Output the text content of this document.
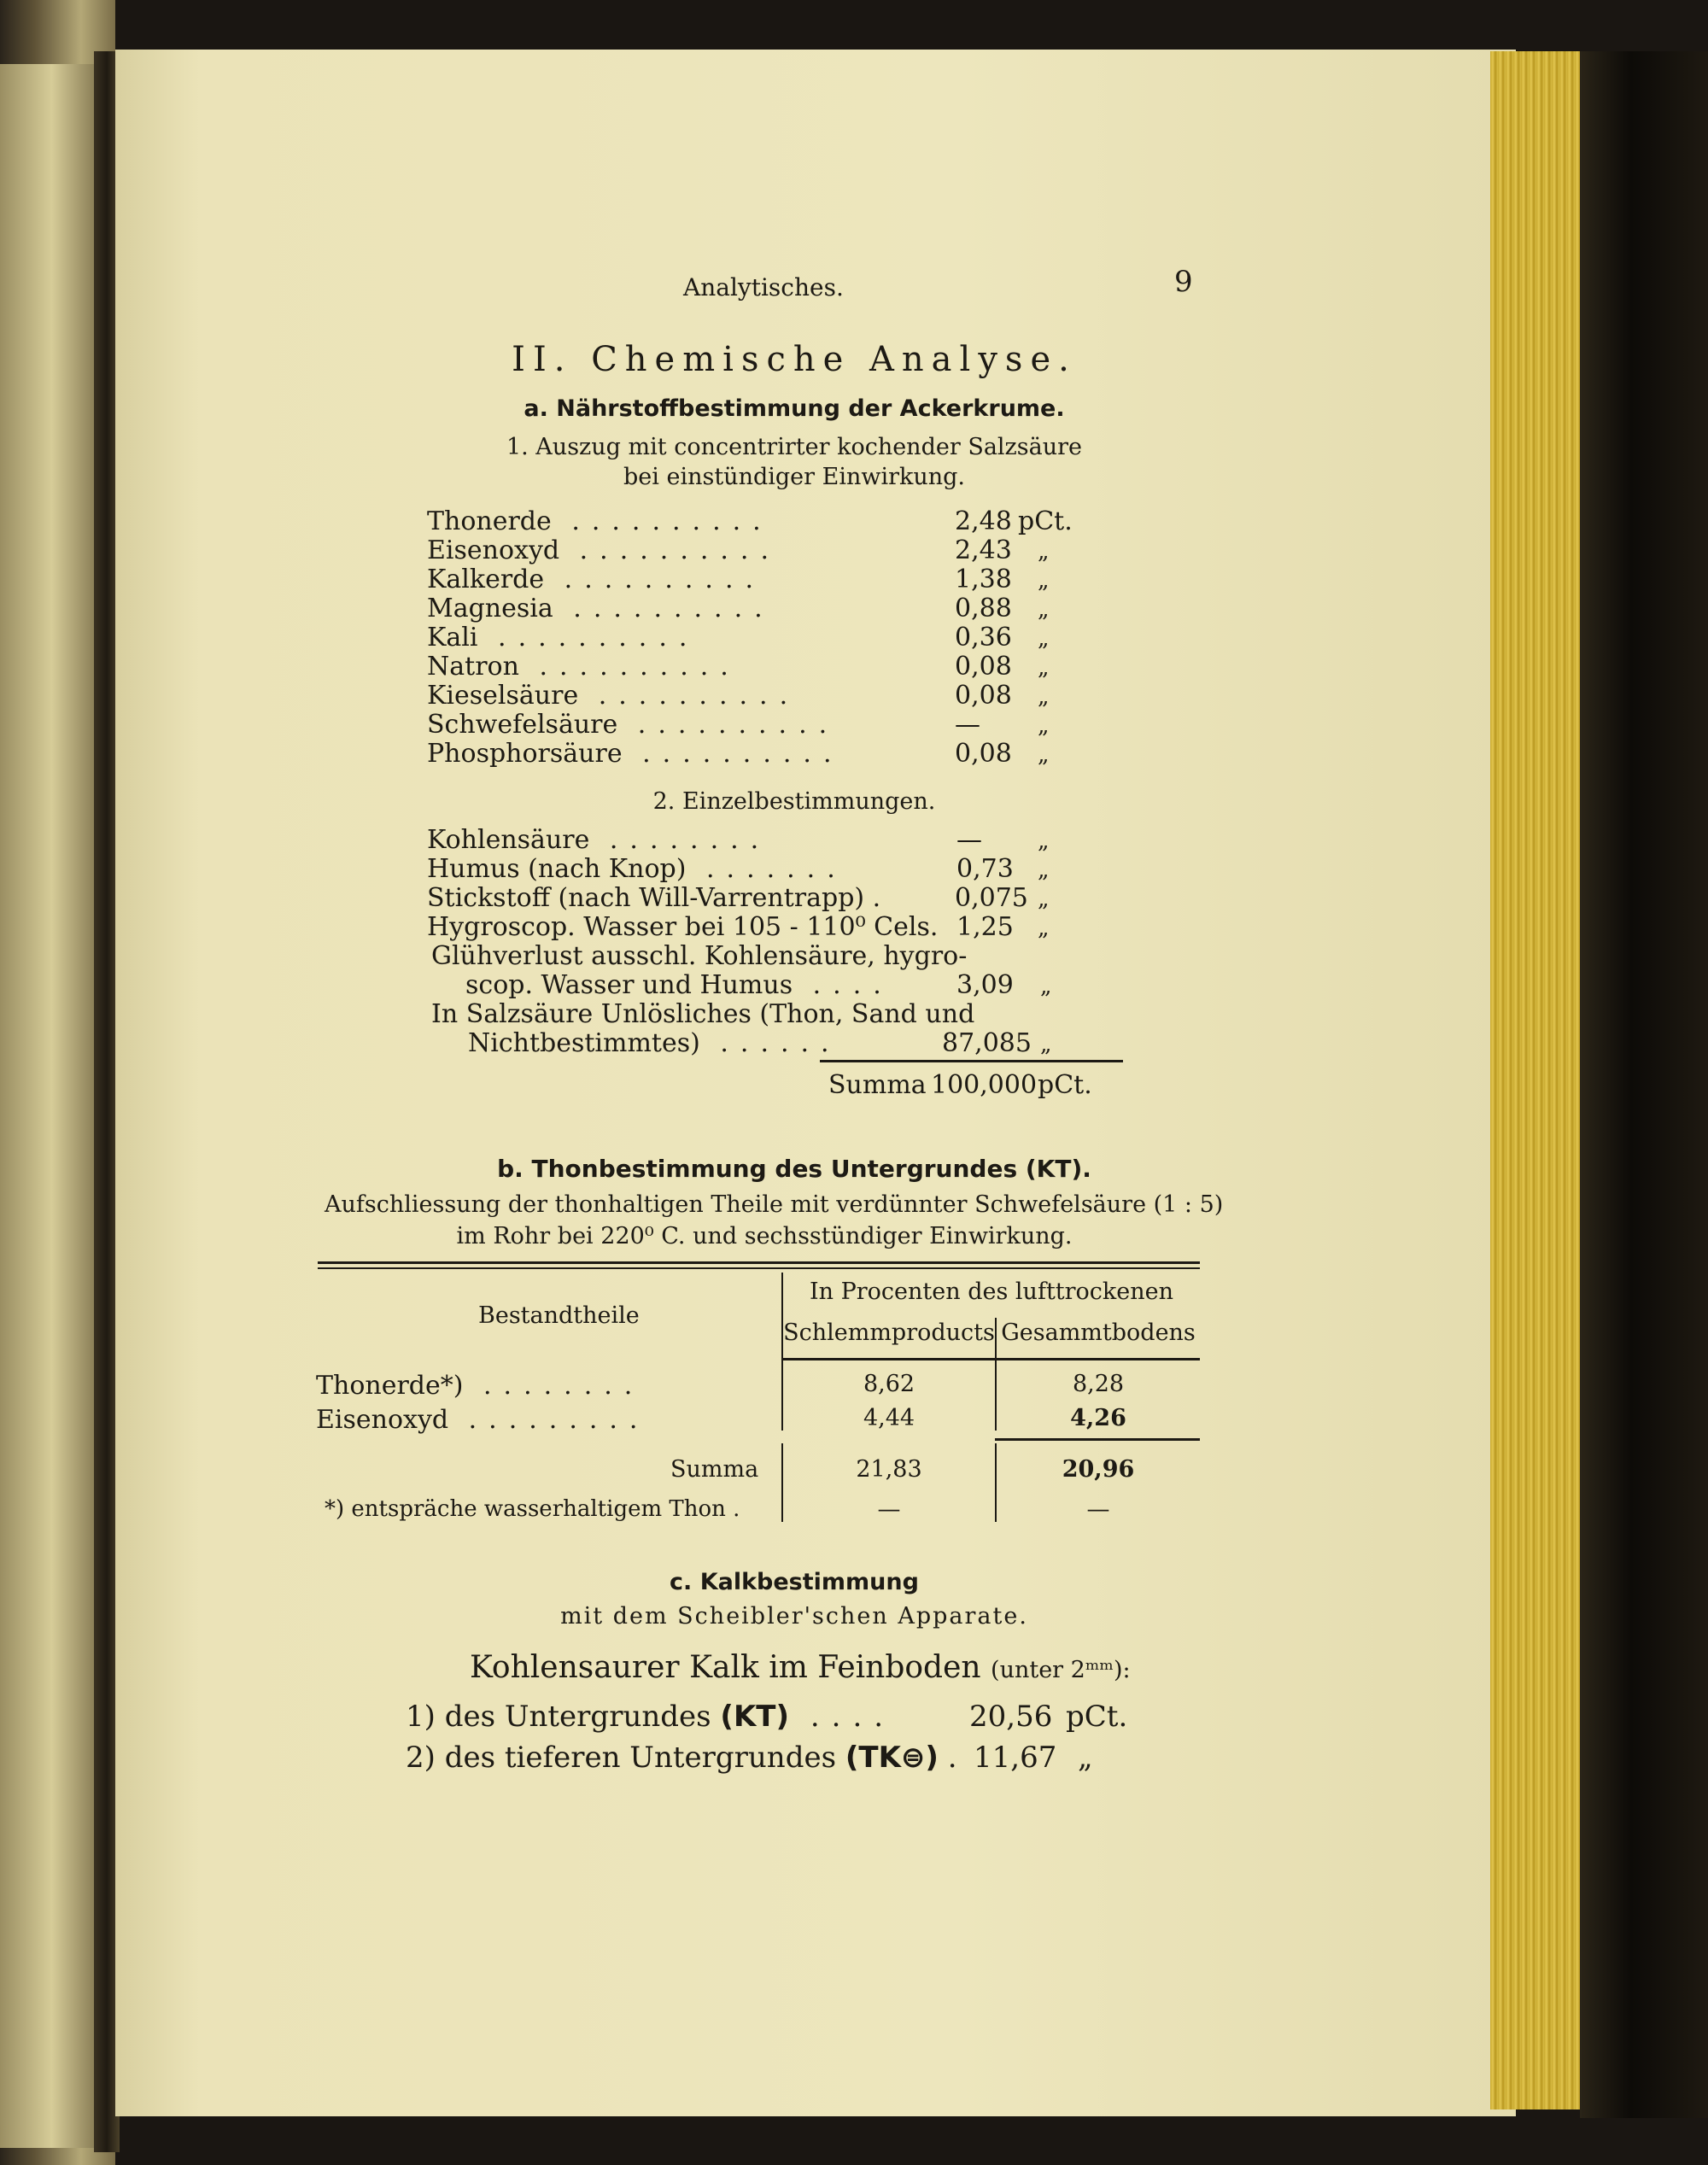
Analytisches.	9
II. Chemische Analyse.
a. Nährstoffbestimmung der Ackerkrume.
1. Auszug mit concentrirter kochender Salzsäure
bei einstündiger Einwirkung.
Thonerde ..........	2,48 pCt.
Eisenoxyd ..........	2,43 „
Kalkerde ..........	1,38 „
Magnesia ..........	0,88 „
Kali ..........	0,36 „
Natron ..........	0,08 „
Kieselsäure ..........	0,08 „
Schwefelsäure ..........	—	„
Phosphorsäure ..........	0,08 „
2. Einzelbestimmungen.
Kohlensäure ........	—	„
Humus (nach Knop) .......	0,73 „
Stickstoff (nach Will-Varrentrapp) .	0,075 „
Hygroscop. Wasser bei 105 - 110⁰ Cels. 1,25 „
Glühverlust ausschl. Kohlensäure, hygro-
scop. Wasser und Humus .... 3,09 „
In Salzsäure Unlösliches (Thon, Sand und
Nichtbestimmtes) ......	87,085 „
Summa 100,000 pCt.
b. Thonbestimmung des Untergrundes (KT).
Aufschliessung der thonhaltigen Theile mit verdünnter Schwefelsäure (1 : 5)
im Rohr bei 220⁰ C. und sechsstündiger Einwirkung.
Bestandtheile
In Procenten des lufttrockenen
Schlemmproducts Gesammtbodens
Thonerde*) ........	8,62	8,28
Eisenoxyd .........	4,44	4,26
Summa	21,83	20,96
*) entspräche wasserhaltigem Thon .	—	—
c. Kalkbestimmung
mit dem Scheibler'schen Apparate.
Kohlensaurer Kalk im Feinboden (unter 2ᵐᵐ):
1) des Untergrundes (KT) ....	20,56 pCt.
2) des tieferen Untergrundes (TK⊜) . 11,67 „
